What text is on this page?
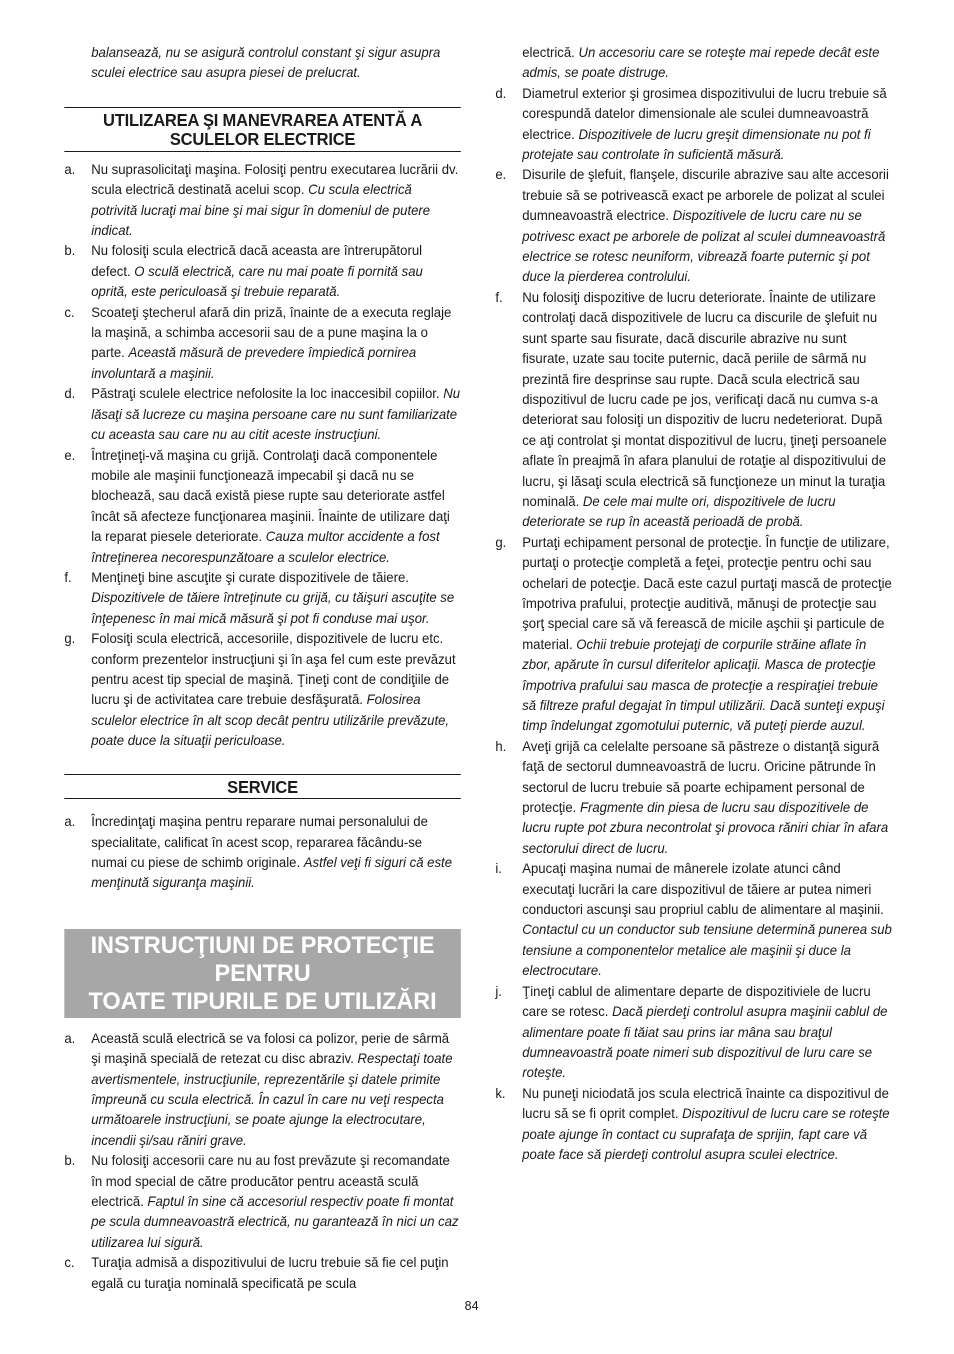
balansează, nu se asigură controlul constant şi sigur asupra sculei electrice sau asupra piesei de prelucrat.

UTILIZAREA ŞI MANEVRAREA ATENTĂ A
SCULELOR ELECTRICE
a. Nu suprasolicitaţi maşina. Folosiţi pentru executarea lucrării dv. scula electrică destinată acelui scop. Cu scula electrică potrivită lucraţi mai bine şi mai sigur în domeniul de putere indicat.
b. Nu folosiţi scula electrică dacă aceasta are întrerupătorul defect. O sculă electrică, care nu mai poate fi pornită sau oprită, este periculoasă şi trebuie reparată.
c. Scoateţi ştecherul afară din priză, înainte de a executa reglaje la maşină, a schimba accesorii sau de a pune maşina la o parte. Această măsură de prevedere împiedică pornirea involuntară a maşinii.
d. Păstraţi sculele electrice nefolosite la loc inaccesibil copiilor. Nu lăsaţi să lucreze cu maşina persoane care nu sunt familiarizate cu aceasta sau care nu au citit aceste instrucţiuni.
e. Întreţineţi-vă maşina cu grijă. Controlaţi dacă componentele mobile ale maşinii funcţionează impecabil şi dacă nu se blochează, sau dacă există piese rupte sau deteriorate astfel încât să afecteze funcţionarea maşinii. Înainte de utilizare daţi la reparat piesele deteriorate. Cauza multor accidente a fost întreţinerea necorespunzătoare a sculelor electrice.
f. Menţineţi bine ascuţite şi curate dispozitivele de tăiere. Dispozitivele de tăiere întreţinute cu grijă, cu tăişuri ascuţite se înţepenesc în mai mică măsură şi pot fi conduse mai uşor.
g. Folosiţi scula electrică, accesoriile, dispozitivele de lucru etc. conform prezentelor instrucţiuni şi în aşa fel cum este prevăzut pentru acest tip special de maşină. Ţineţi cont de condiţiile de lucru şi de activitatea care trebuie desfăşurată. Folosirea sculelor electrice în alt scop decât pentru utilizările prevăzute, poate duce la situaţii periculoase.
SERVICE
a. Încredinţaţi maşina pentru reparare numai personalului de specialitate, calificat în acest scop, repararea făcându-se numai cu piese de schimb originale. Astfel veţi fi siguri că este menţinută siguranţa maşinii.
INSTRUCŢIUNI DE PROTECŢIE PENTRU
TOATE TIPURILE DE UTILIZĂRI
a. Această sculă electrică se va folosi ca polizor, perie de sârmă şi maşină specială de retezat cu disc abraziv. Respectaţi toate avertismentele, instrucţiunile, reprezentările şi datele primite împreună cu scula electrică. În cazul în care nu veţi respecta următoarele instrucţiuni, se poate ajunge la electrocutare, incendii şi/sau răniri grave.
b. Nu folosiţi accesorii care nu au fost prevăzute şi recomandate în mod special de către producător pentru această sculă electrică. Faptul în sine că accesoriul respectiv poate fi montat pe scula dumneavoastră electrică, nu garantează în nici un caz utilizarea lui sigură.
c. Turaţia admisă a dispozitivului de lucru trebuie să fie cel puţin egală cu turaţia nominală specificată pe scula
electrică. Un accesoriu care se roteşte mai repede decât este admis, se poate distruge.
d. Diametrul exterior şi grosimea dispozitivului de lucru trebuie să corespundă datelor dimensionale ale sculei dumneavoastră electrice. Dispozitivele de lucru greşit dimensionate nu pot fi protejate sau controlate în suficientă măsură.
e. Disurile de şlefuit, flanşele, discurile abrazive sau alte accesorii trebuie să se potrivească exact pe arborele de polizat al sculei dumneavoastră electrice. Dispozitivele de lucru care nu se potrivesc exact pe arborele de polizat al sculei dumneavoastră electrice se rotesc neuniform, vibrează foarte puternic şi pot duce la pierderea controlului.
f. Nu folosiţi dispozitive de lucru deteriorate. Înainte de utilizare controlaţi dacă dispozitivele de lucru ca discurile de şlefuit nu sunt sparte sau fisurate, dacă discurile abrazive nu sunt fisurate, uzate sau tocite puternic, dacă periile de sârmă nu prezintă fire desprinse sau rupte. Dacă scula electrică sau dispozitivul de lucru cade pe jos, verificaţi dacă nu cumva s-a deteriorat sau folosiţi un dispozitiv de lucru nedeteriorat. După ce aţi controlat şi montat dispozitivul de lucru, ţineţi persoanele aflate în preajmă în afara planului de rotaţie al dispozitivului de lucru, şi lăsaţi scula electrică să funcţioneze un minut la turaţia nominală. De cele mai multe ori, dispozitivele de lucru deteriorate se rup în această perioadă de probă.
g. Purtaţi echipament personal de protecţie. În funcţie de utilizare, purtaţi o protecţie completă a feţei, protecţie pentru ochi sau ochelari de potecţie. Dacă este cazul purtaţi mască de protecţie împotriva prafului, protecţie auditivă, mănuşi de protecţie sau şorţ special care să vă ferească de micile aşchii şi particule de material. Ochii trebuie protejaţi de corpurile străine aflate în zbor, apărute în cursul diferitelor aplicaţii. Masca de protecţie împotriva prafului sau masca de protecţie a respiraţiei trebuie să filtreze praful degajat în timpul utilizării. Dacă sunteţi expuşi timp îndelungat zgomotului puternic, vă puteţi pierde auzul.
h. Aveţi grijă ca celelalte persoane să păstreze o distanţă sigură faţă de sectorul dumneavoastră de lucru. Oricine pătrunde în sectorul de lucru trebuie să poarte echipament personal de protecţie. Fragmente din piesa de lucru sau dispozitivele de lucru rupte pot zbura necontrolat şi provoca răniri chiar în afara sectorului direct de lucru.
i. Apucaţi maşina numai de mânerele izolate atunci când executaţi lucrări la care dispozitivul de tăiere ar putea nimeri conductori ascunşi sau propriul cablu de alimentare al maşinii. Contactul cu un conductor sub tensiune determină punerea sub tensiune a componentelor metalice ale maşinii şi duce la electrocutare.
j. Ţineţi cablul de alimentare departe de dispozitiviele de lucru care se rotesc. Dacă pierdeţi controlul asupra maşinii cablul de alimentare poate fi tăiat sau prins iar mâna sau braţul dumneavoastră poate nimeri sub dispozitivul de luru care se roteşte.
k. Nu puneţi niciodată jos scula electrică înainte ca dispozitivul de lucru să se fi oprit complet. Dispozitivul de lucru care se roteşte poate ajunge în contact cu suprafaţa de sprijin, fapt care vă poate face să pierdeţi controlul asupra sculei electrice.
84
